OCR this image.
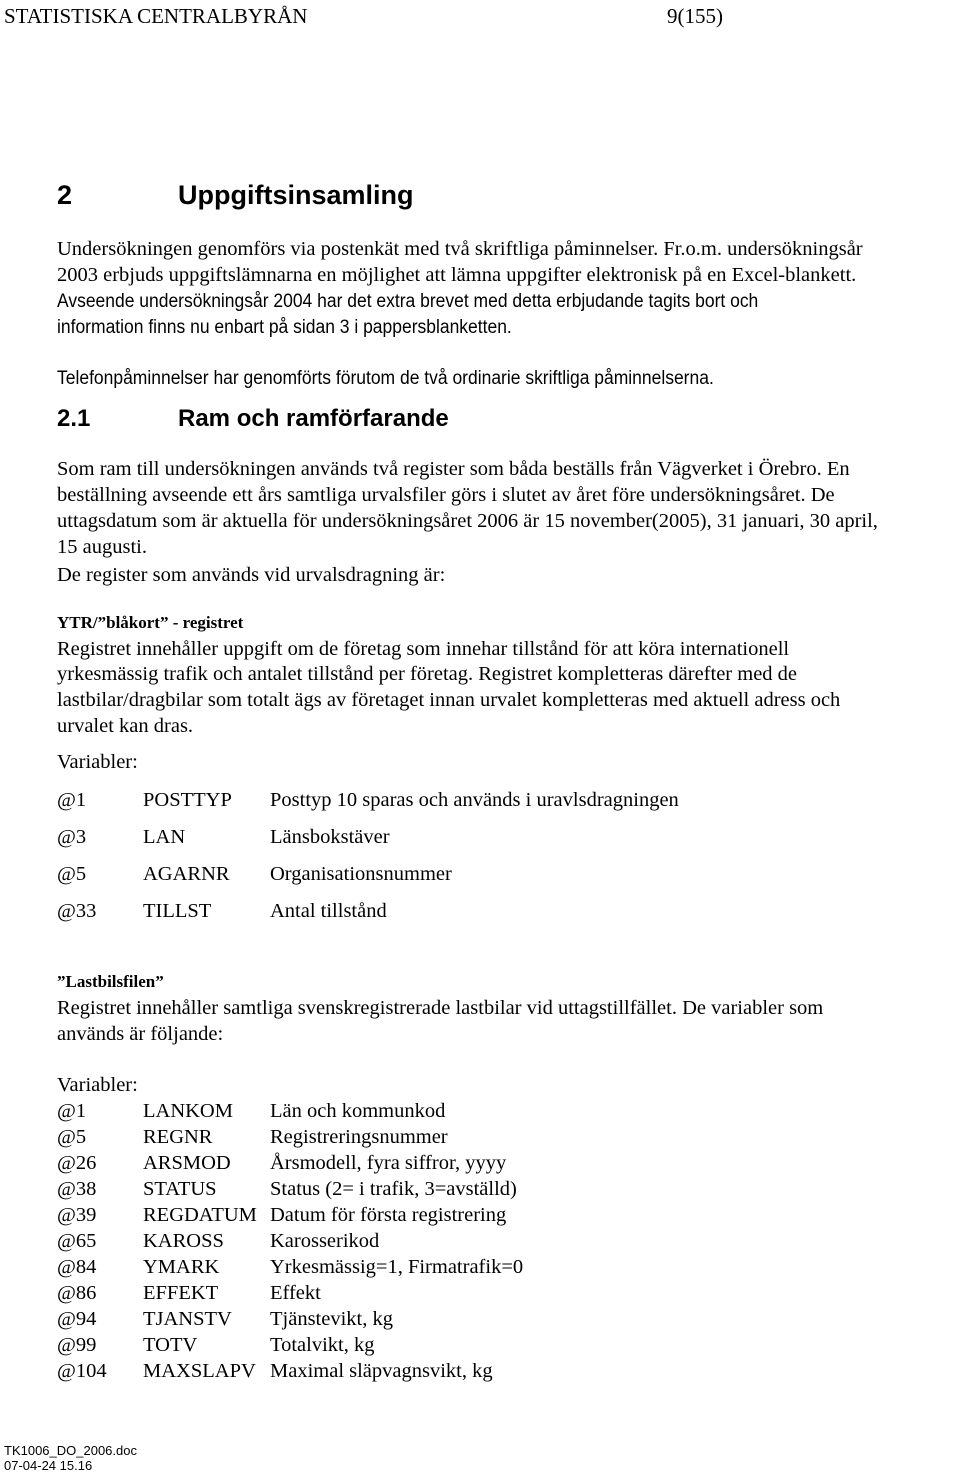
STATISTISKA CENTRALBYRÅN	9(155)
2	Uppgiftsinsamling
Undersökningen genomförs via postenkät med två skriftliga påminnelser. Fr.o.m. undersökningsår
2003 erbjuds uppgiftslämnarna en möjlighet att lämna uppgifter elektronisk på en Excel-blankett.
Avseende undersökningsår 2004 har det extra brevet med detta erbjudande tagits bort och
information finns nu enbart på sidan 3 i pappersblanketten.
Telefonpåminnelser har genomförts förutom de två ordinarie skriftliga påminnelserna.
2.1	Ram och ramförfarande
Som ram till undersökningen används två register som båda beställs från Vägverket i Örebro. En
beställning avseende ett års samtliga urvalsfiler görs i slutet av året före undersökningsåret. De
uttagsdatum som är aktuella för undersökningsåret 2006 är 15 november(2005), 31 januari, 30 april,
15 augusti.
De register som används vid urvalsdragning är:
YTR/”blåkort” - registret
Registret innehåller uppgift om de företag som innehar tillstånd för att köra internationell
yrkesmässig trafik och antalet tillstånd per företag. Registret kompletteras därefter med de
lastbilar/dragbilar som totalt ägs av företaget innan urvalet kompletteras med aktuell adress och
urvalet kan dras.
Variabler:
@1	POSTTYP Posttyp 10 sparas och används i uravlsdragningen
@3	LAN	Länsbokstäver
@5	AGARNR Organisationsnummer
@33 TILLST	Antal tillstånd
”Lastbilsfilen”
Registret innehåller samtliga svenskregistrerade lastbilar vid uttagstillfället. De variabler som
används är följande:
Variabler:
@1	LANKOM Län och kommunkod
@5	REGNR	Registreringsnummer
@26 ARSMOD Årsmodell, fyra siffror, yyyy
@38 STATUS	Status (2= i trafik, 3=avställd)
@39 REGDATUM Datum för första registrering
@65 KAROSS Karosserikod
@84 YMARK Yrkesmässig=1, Firmatrafik=0
@86 EFFEKT	Effekt
@94 TJANSTV Tjänstevikt, kg
@99 TOTV	Totalvikt, kg
@104 MAXSLAPV Maximal släpvagnsvikt, kg
TK1006_DO_2006.doc
07-04-24 15.16
